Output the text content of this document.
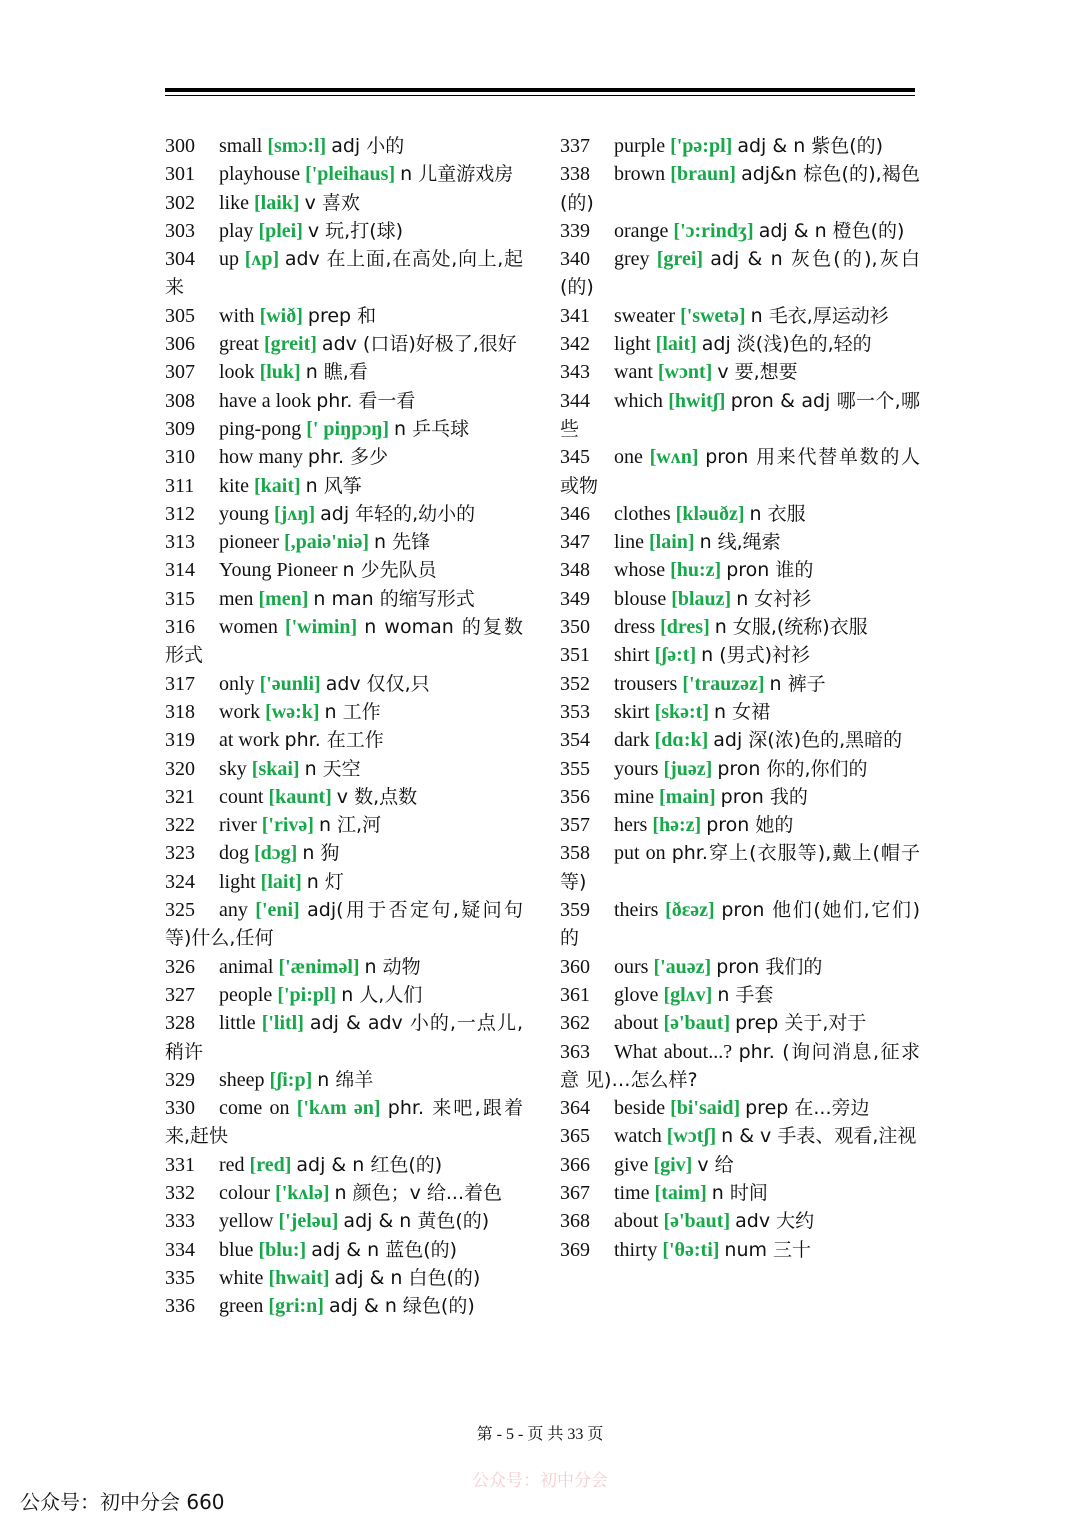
300 small [smɔ:l] adj 小的
301 playhouse ['pleihaus] n 儿童游戏房
302 like [laik] v 喜欢
303 play [plei] v 玩,打(球)
304 up [ʌp] adv 在上面,在高处,向上,起来
305 with [wið] prep 和
306 great [greit] adv (口语)好极了,很好
307 look [luk] n 瞧,看
308 have a look phr. 看一看
309 ping-pong [' piŋpɔŋ] n 乒乓球
310 how many phr. 多少
311 kite [kait] n 风筝
312 young [jʌŋ] adj 年轻的,幼小的
313 pioneer [,paiə'niə] n 先锋
314 Young Pioneer n 少先队员
315 men [men] n man 的缩写形式
316 women ['wimin] n woman 的复数形式
317 only ['əunli] adv 仅仅,只
318 work [wə:k] n 工作
319 at work phr. 在工作
320 sky [skai] n 天空
321 count [kaunt] v 数,点数
322 river ['rivə] n 江,河
323 dog [dɔg] n 狗
324 light [lait] n 灯
325 any ['eni] adj(用于否定句,疑问句等)什么,任何
326 animal ['æniməl] n 动物
327 people ['pi:pl] n 人,人们
328 little ['litl] adj & adv 小的,一点儿,稍许
329 sheep [ʃi:p] n 绵羊
330 come on ['kʌm ən] phr. 来吧,跟着来,赶快
331 red [red] adj & n 红色(的)
332 colour ['kʌlə] n 颜色；v 给...着色
333 yellow ['jeləu] adj & n 黄色(的)
334 blue [blu:] adj & n 蓝色(的)
335 white [hwait] adj & n 白色(的)
336 green [gri:n] adj & n 绿色(的)
337 purple ['pə:pl] adj & n 紫色(的)
338 brown [braun] adj&n 棕色(的),褐色(的)
339 orange ['ɔ:rindʒ] adj & n 橙色(的)
340 grey [grei] adj & n 灰色(的),灰白(的)
341 sweater ['swetə] n 毛衣,厚运动衫
342 light [lait] adj 淡(浅)色的,轻的
343 want [wɔnt] v 要,想要
344 which [hwitʃ] pron & adj 哪一个,哪些
345 one [wʌn] pron 用来代替单数的人或物
346 clothes [kləuðz] n 衣服
347 line [lain] n 线,绳索
348 whose [hu:z] pron 谁的
349 blouse [blauz] n 女衬衫
350 dress [dres] n 女服,(统称)衣服
351 shirt [ʃə:t] n (男式)衬衫
352 trousers ['trauzəz] n 裤子
353 skirt [skə:t] n 女裙
354 dark [dɑ:k] adj 深(浓)色的,黑暗的
355 yours [juəz] pron 你的,你们的
356 mine [main] pron 我的
357 hers [hə:z] pron 她的
358 put on phr.穿上(衣服等),戴上(帽子等)
359 theirs [ðɛəz] pron 他们(她们,它们)的
360 ours ['auəz] pron 我们的
361 glove [glʌv] n 手套
362 about [ə'baut] prep 关于,对于
363 What about...? phr. (询问消息,征求意 见)…怎么样?
364 beside [bi'said] prep 在...旁边
365 watch [wɔtʃ] n & v 手表、观看,注视
366 give [giv] v 给
367 time [taim] n 时间
368 about [ə'baut] adv 大约
369 thirty ['θə:ti] num 三十
第 - 5 - 页 共 33 页
公众号：初中分会
公众号：初中分会 660
